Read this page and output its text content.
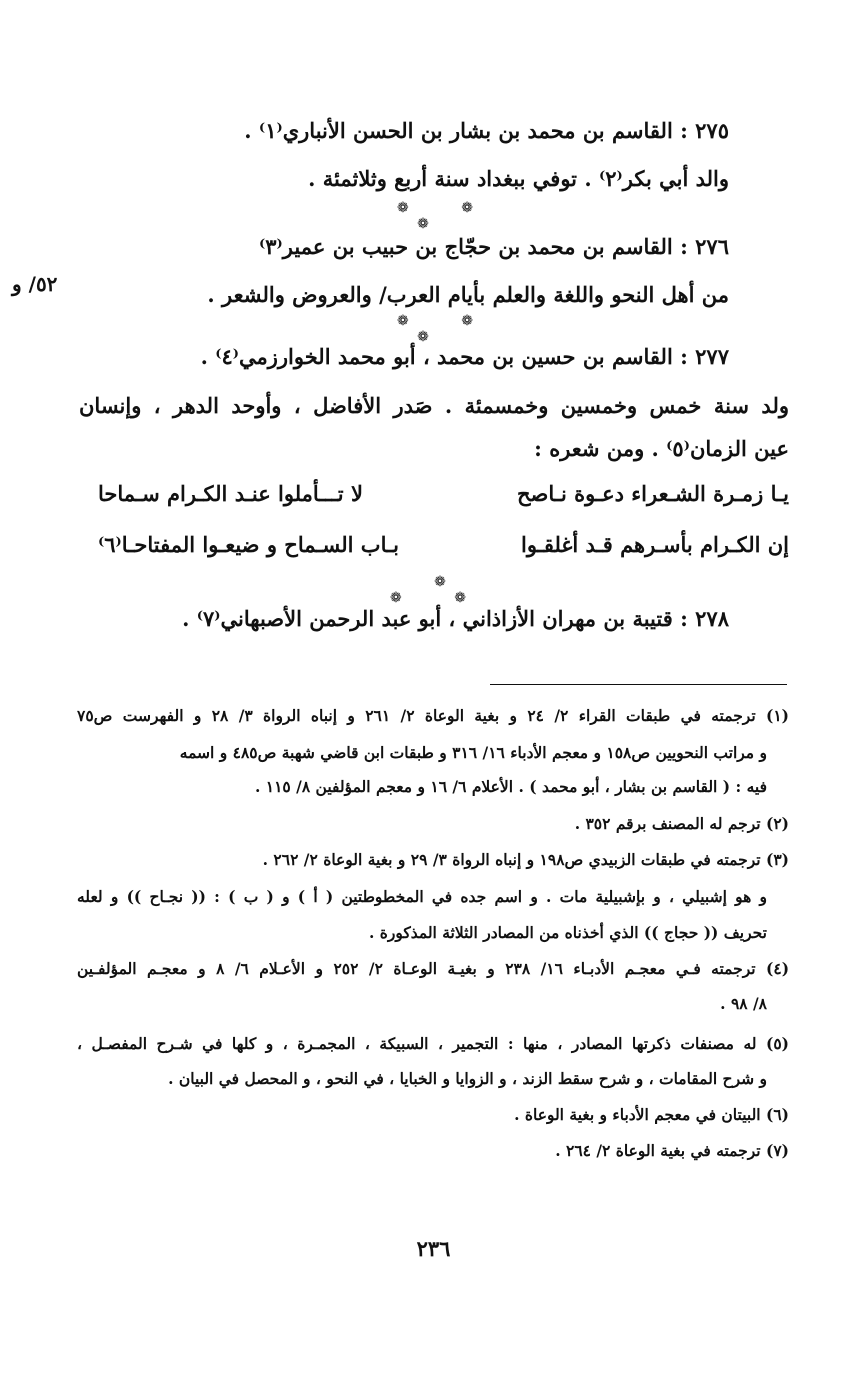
٥٢/ و
٢٧٥ : القاسم بن محمد بن بشار بن الحسن الأنباري⁽١⁾ .
والد أبي بكر⁽٢⁾ . توفي ببغداد سنة أربع وثلاثمئة .
❁ ❁ ❁
٢٧٦ : القاسم بن محمد بن حجّاج بن حبيب بن عمير⁽٣⁾
من أهل النحو واللغة والعلم بأيام العرب/ والعروض والشعر .
❁ ❁ ❁
٢٧٧ : القاسم بن حسين بن محمد ، أبو محمد الخوارزمي⁽٤⁾ .
ولد سنة خمس وخمسين وخمسمئة . صَدر الأفاضل ، وأوحد الدهر ، وإنسان
عين الزمان⁽٥⁾ . ومن شعره :
يـا زمـرة الشـعراء دعـوة نـاصح
لا تـــأملوا عنـد الكـرام سـماحا
إن الكـرام بأسـرهم قـد أغلقـوا
بـاب السـماح و ضيعـوا المفتاحـا⁽٦⁾
❁ ❁ ❁
٢٧٨ : قتيبة بن مهران الأزاذاني ، أبو عبد الرحمن الأصبهاني⁽٧⁾ .
(١) ترجمته في طبقات القراء ٢/ ٢٤ و بغية الوعاة ٢/ ٢٦١ و إنباه الرواة ٣/ ٢٨ و الفهرست ص٧٥
و مراتب النحويين ص١٥٨ و معجم الأدباء ١٦/ ٣١٦ و طبقات ابن قاضي شهبة ص٤٨٥ و اسمه
فيه : ( القاسم بن بشار ، أبو محمد ) . الأعلام ٦/ ١٦ و معجم المؤلفين ٨/ ١١٥ .
(٢) ترجم له المصنف برقم ٣٥٢ .
(٣) ترجمته في طبقات الزبيدي ص١٩٨ و إنباه الرواة ٣/ ٢٩ و بغية الوعاة ٢/ ٢٦٢ .
و هو إشبيلي ، و بإشبيلية مات . و اسم جده في المخطوطتين ( أ ) و ( ب ) : (( نجـاح )) و لعله
تحريف (( حجاج )) الذي أخذناه من المصادر الثلاثة المذكورة .
(٤) ترجمته فـي معجـم الأدبـاء ١٦/ ٢٣٨ و بغيـة الوعـاة ٢/ ٢٥٢ و الأعـلام ٦/ ٨ و معجـم المؤلفـين
٨/ ٩٨ .
(٥) له مصنفات ذكرتها المصادر ، منها : التجمير ، السبيكة ، المجمـرة ، و كلها في شـرح المفصـل ،
و شرح المقامات ، و شرح سقط الزند ، و الزوايا و الخبايا ، في النحو ، و المحصل في البيان .
(٦) البيتان في معجم الأدباء و بغية الوعاة .
(٧) ترجمته في بغية الوعاة ٢/ ٢٦٤ .
٢٣٦
